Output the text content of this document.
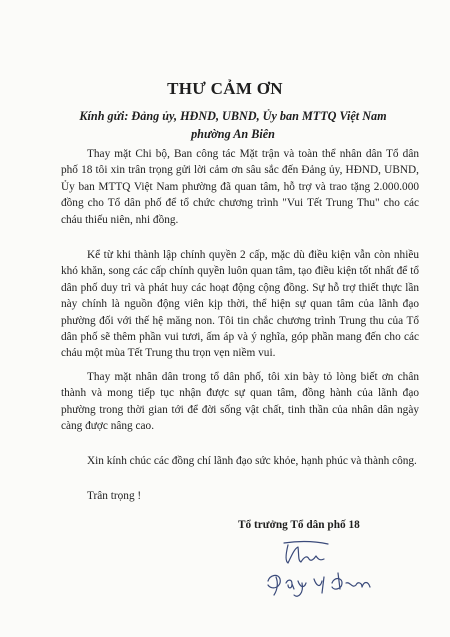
THƯ CẢM ƠN
Kính gửi: Đảng ủy, HĐND, UBND, Ủy ban MTTQ Việt Nam
phường An Biên

Thay mặt Chi bộ, Ban công tác Mặt trận và toàn thể nhân dân Tổ dân phố 18 tôi xin trân trọng gửi lời cảm ơn sâu sắc đến Đảng ủy, HĐND, UBND, Ủy ban MTTQ Việt Nam phường đã quan tâm, hỗ trợ và trao tặng 2.000.000 đồng cho Tổ dân phố để tổ chức chương trình "Vui Tết Trung Thu" cho các cháu thiếu niên, nhi đồng.

Kể từ khi thành lập chính quyền 2 cấp, mặc dù điều kiện vẫn còn nhiều khó khăn, song các cấp chính quyền luôn quan tâm, tạo điều kiện tốt nhất để tổ dân phố duy trì và phát huy các hoạt động cộng đồng. Sự hỗ trợ thiết thực lần này chính là nguồn động viên kịp thời, thể hiện sự quan tâm của lãnh đạo phường đối với thế hệ măng non. Tôi tin chắc chương trình Trung thu của Tổ dân phố sẽ thêm phần vui tươi, ấm áp và ý nghĩa, góp phần mang đến cho các cháu một mùa Tết Trung thu trọn vẹn niềm vui.

Thay mặt nhân dân trong tổ dân phố, tôi xin bày tỏ lòng biết ơn chân thành và mong tiếp tục nhận được sự quan tâm, đồng hành của lãnh đạo phường trong thời gian tới để đời sống vật chất, tinh thần của nhân dân ngày càng được nâng cao.

Xin kính chúc các đồng chí lãnh đạo sức khỏe, hạnh phúc và thành công.

Trân trọng !
Tổ trưởng Tổ dân phố 18
